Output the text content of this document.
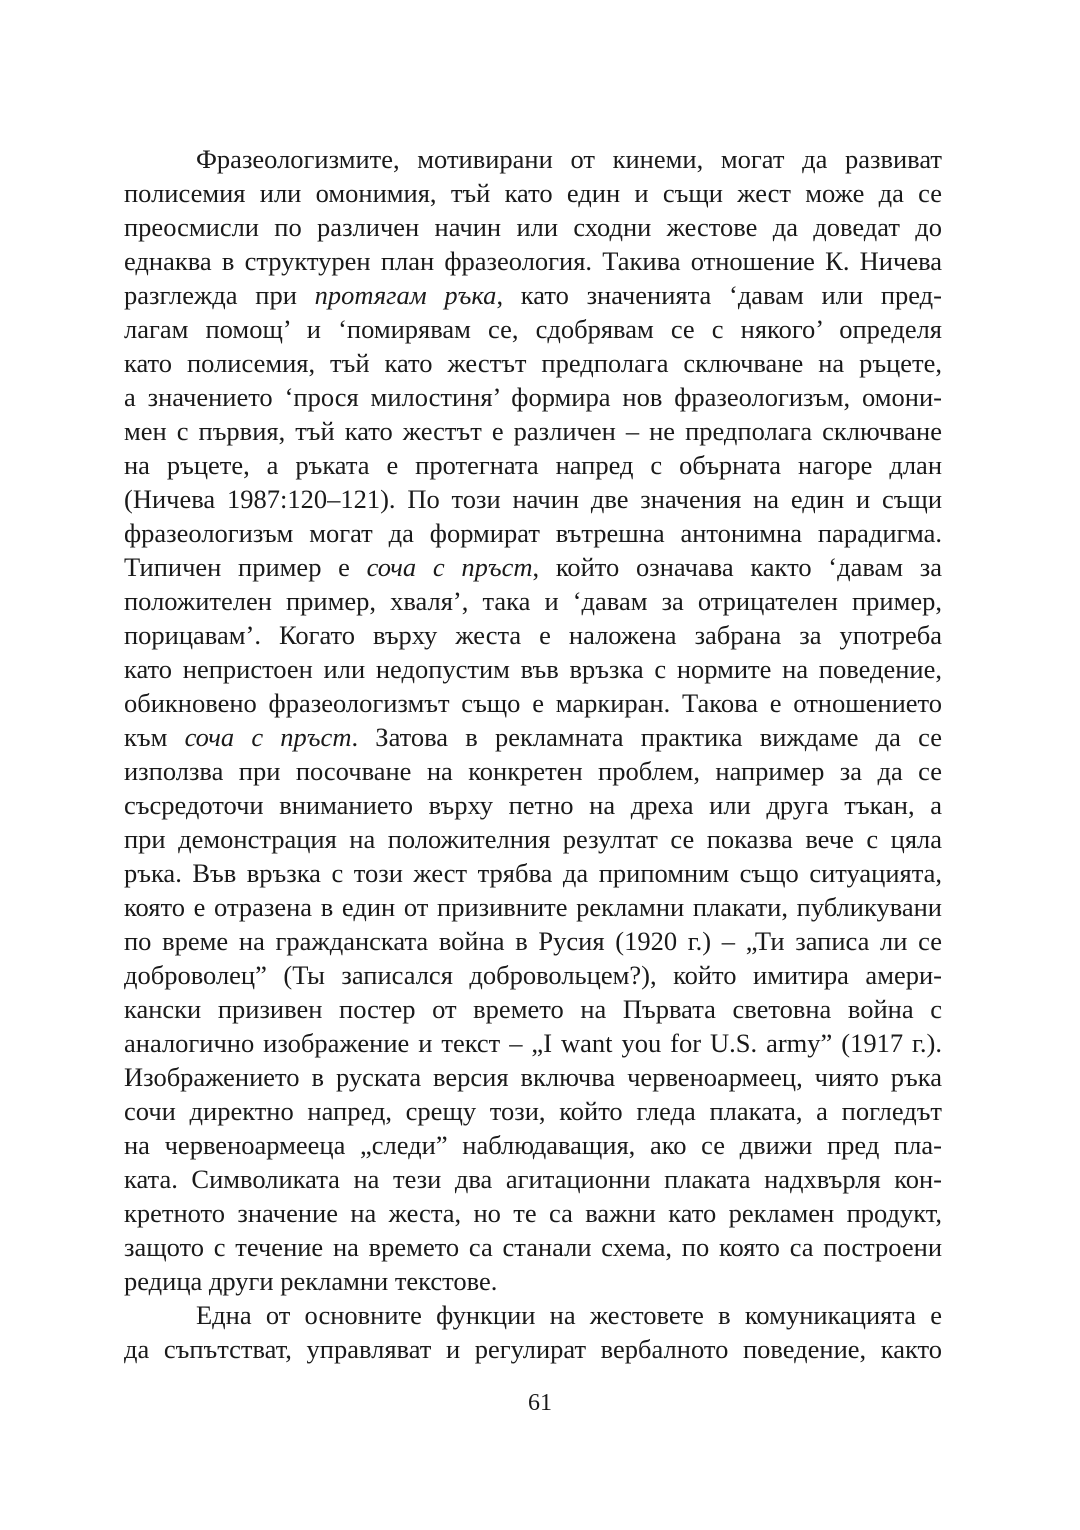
Фразеологизмите, мотивирани от кинеми, могат да развиват
полисемия или омонимия, тъй като един и същи жест може да се
преосмисли по различен начин или сходни жестове да доведат до
еднаква в структурен план фразеология. Такива отношение К. Ничева
разглежда при протягам ръка, като значенията ‘давам или пред-
лагам помощ’ и ‘помирявам се, сдобрявам се с някого’ определя
като полисемия, тъй като жестът предполага сключване на ръцете,
а значението ‘прося милостиня’ формира нов фразеологизъм, омони-
мен с първия, тъй като жестът е различен – не предполага сключване
на ръцете, а ръката е протегната напред с обърната нагоре длан
(Ничева 1987:120–121). По този начин две значения на един и същи
фразеологизъм могат да формират вътрешна антонимна парадигма.
Типичен пример е соча с пръст, който означава както ‘давам за
положителен пример, хваля’, така и ‘давам за отрицателен пример,
порицавам’. Когато върху жеста е наложена забрана за употреба
като непристоен или недопустим във връзка с нормите на поведение,
обикновено фразеологизмът също е маркиран. Такова е отношението
към соча с пръст. Затова в рекламната практика виждаме да се
използва при посочване на конкретен проблем, например за да се
съсредоточи вниманието върху петно на дреха или друга тъкан, а
при демонстрация на положителния резултат се показва вече с цяла
ръка. Във връзка с този жест трябва да припомним също ситуацията,
която е отразена в един от призивните рекламни плакати, публикувани
по време на гражданската война в Русия (1920 г.) – „Ти записа ли се
доброволец” (Ты записался добровольцем?), който имитира амери-
кански призивен постер от времето на Първата световна война с
аналогично изображение и текст – „I want you for U.S. army” (1917 г.).
Изображението в руската версия включва червеноармеец, чиято ръка
сочи директно напред, срещу този, който гледа плаката, а погледът
на червеноармееца „следи” наблюдаващия, ако се движи пред пла-
ката. Символиката на тези два агитационни плаката надхвърля кон-
кретното значение на жеста, но те са важни като рекламен продукт,
защото с течение на времето са станали схема, по която са построени
редица други рекламни текстове.
Една от основните функции на жестовете в комуникацията е
да съпътстват, управляват и регулират вербалното поведение, както
61
